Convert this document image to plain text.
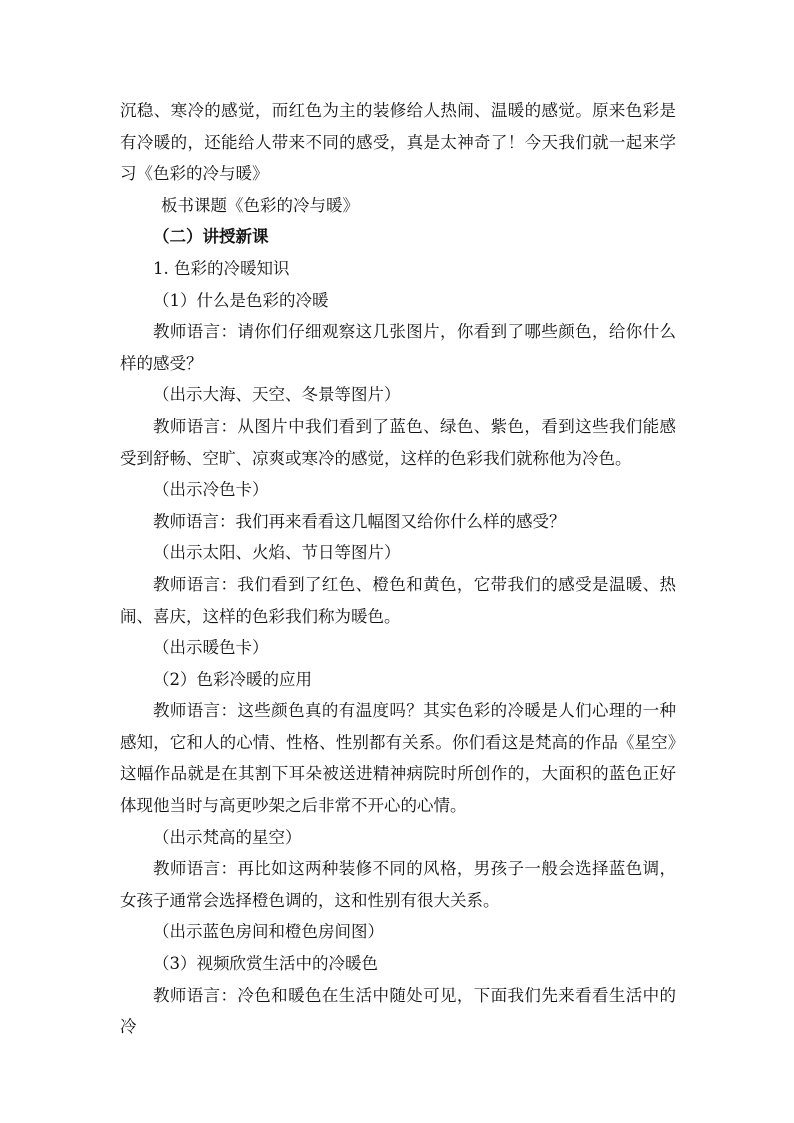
沉稳、寒冷的感觉，而红色为主的装修给人热闹、温暖的感觉。原来色彩是有冷暖的，还能给人带来不同的感受，真是太神奇了！今天我们就一起来学习《色彩的冷与暖》

板书课题《色彩的冷与暖》

（二）讲授新课

1. 色彩的冷暖知识

（1）什么是色彩的冷暖

教师语言：请你们仔细观察这几张图片，你看到了哪些颜色，给你什么样的感受？

（出示大海、天空、冬景等图片）

教师语言：从图片中我们看到了蓝色、绿色、紫色，看到这些我们能感受到舒畅、空旷、凉爽或寒冷的感觉，这样的色彩我们就称他为冷色。

（出示冷色卡）

教师语言：我们再来看看这几幅图又给你什么样的感受？

（出示太阳、火焰、节日等图片）

教师语言：我们看到了红色、橙色和黄色，它带我们的感受是温暖、热闹、喜庆，这样的色彩我们称为暖色。

（出示暖色卡）

（2）色彩冷暖的应用

教师语言：这些颜色真的有温度吗？其实色彩的冷暖是人们心理的一种感知，它和人的心情、性格、性别都有关系。你们看这是梵高的作品《星空》这幅作品就是在其割下耳朵被送进精神病院时所创作的，大面积的蓝色正好体现他当时与高更吵架之后非常不开心的心情。

（出示梵高的星空）

教师语言：再比如这两种装修不同的风格，男孩子一般会选择蓝色调，女孩子通常会选择橙色调的，这和性别有很大关系。

（出示蓝色房间和橙色房间图）

（3）视频欣赏生活中的冷暖色

教师语言：冷色和暖色在生活中随处可见，下面我们先来看看生活中的冷
